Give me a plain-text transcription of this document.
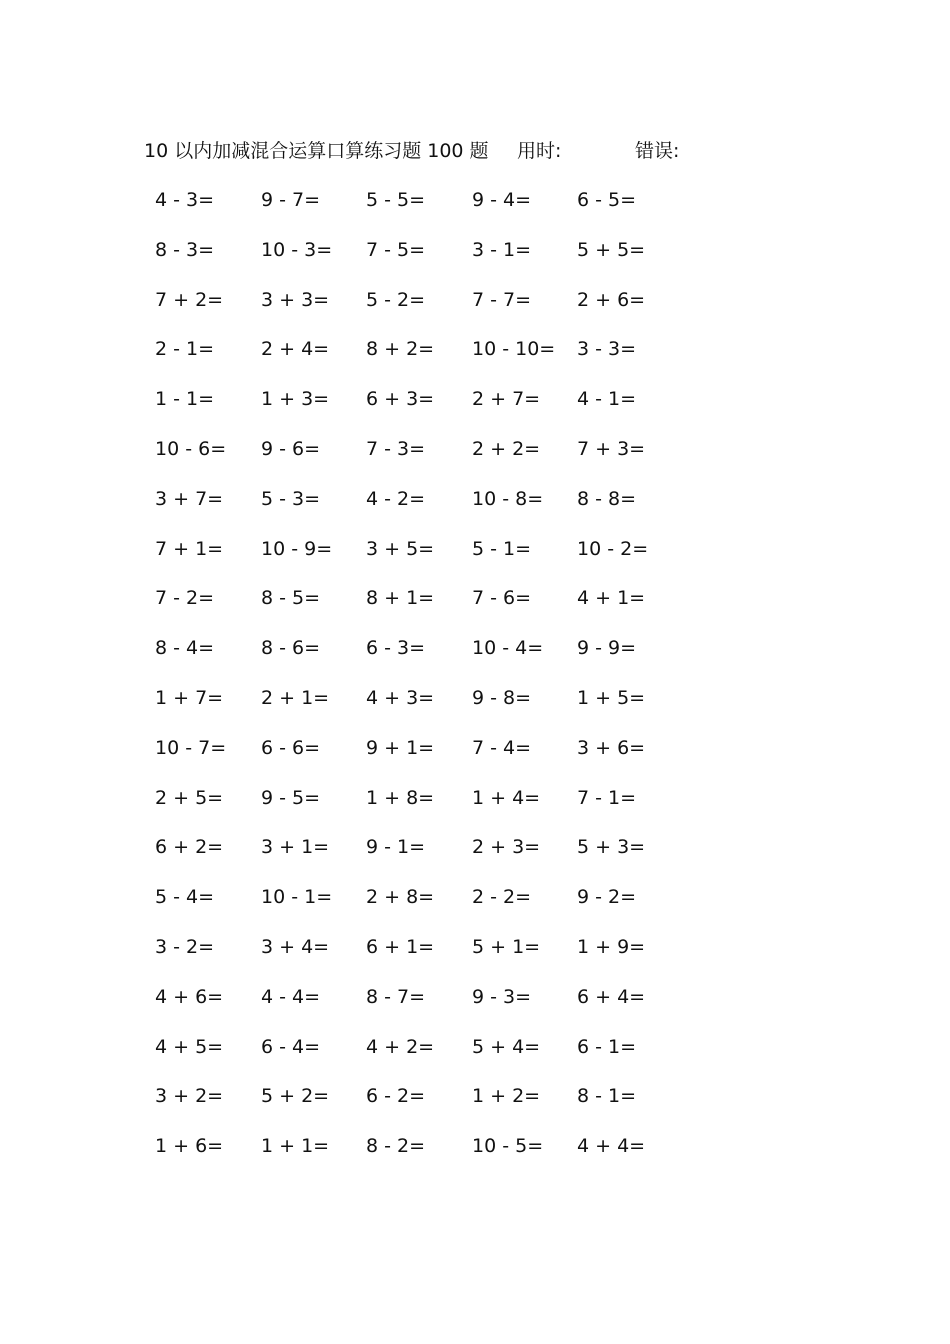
10 以内加减混合运算口算练习题 100 题 用时:	错误:
4 - 3=	9 - 7=	5 - 5=	9 - 4=	6 - 5=
8 - 3=	10 - 3=	7 - 5=	3 - 1=	5 + 5=
7 + 2=	3 + 3=	5 - 2=	7 - 7=	2 + 6=
2 - 1=	2 + 4=	8 + 2=	10 - 10=	3 - 3=
1 - 1=	1 + 3=	6 + 3=	2 + 7=	4 - 1=
10 - 6=	9 - 6=	7 - 3=	2 + 2=	7 + 3=
3 + 7=	5 - 3=	4 - 2=	10 - 8=	8 - 8=
7 + 1=	10 - 9=	3 + 5=	5 - 1=	10 - 2=
7 - 2=	8 - 5=	8 + 1=	7 - 6=	4 + 1=
8 - 4=	8 - 6=	6 - 3=	10 - 4=	9 - 9=
1 + 7=	2 + 1=	4 + 3=	9 - 8=	1 + 5=
10 - 7=	6 - 6=	9 + 1=	7 - 4=	3 + 6=
2 + 5=	9 - 5=	1 + 8=	1 + 4=	7 - 1=
6 + 2=	3 + 1=	9 - 1=	2 + 3=	5 + 3=
5 - 4=	10 - 1=	2 + 8=	2 - 2=	9 - 2=
3 - 2=	3 + 4=	6 + 1=	5 + 1=	1 + 9=
4 + 6=	4 - 4=	8 - 7=	9 - 3=	6 + 4=
4 + 5=	6 - 4=	4 + 2=	5 + 4=	6 - 1=
3 + 2=	5 + 2=	6 - 2=	1 + 2=	8 - 1=
1 + 6=	1 + 1=	8 - 2=	10 - 5=	4 + 4=
